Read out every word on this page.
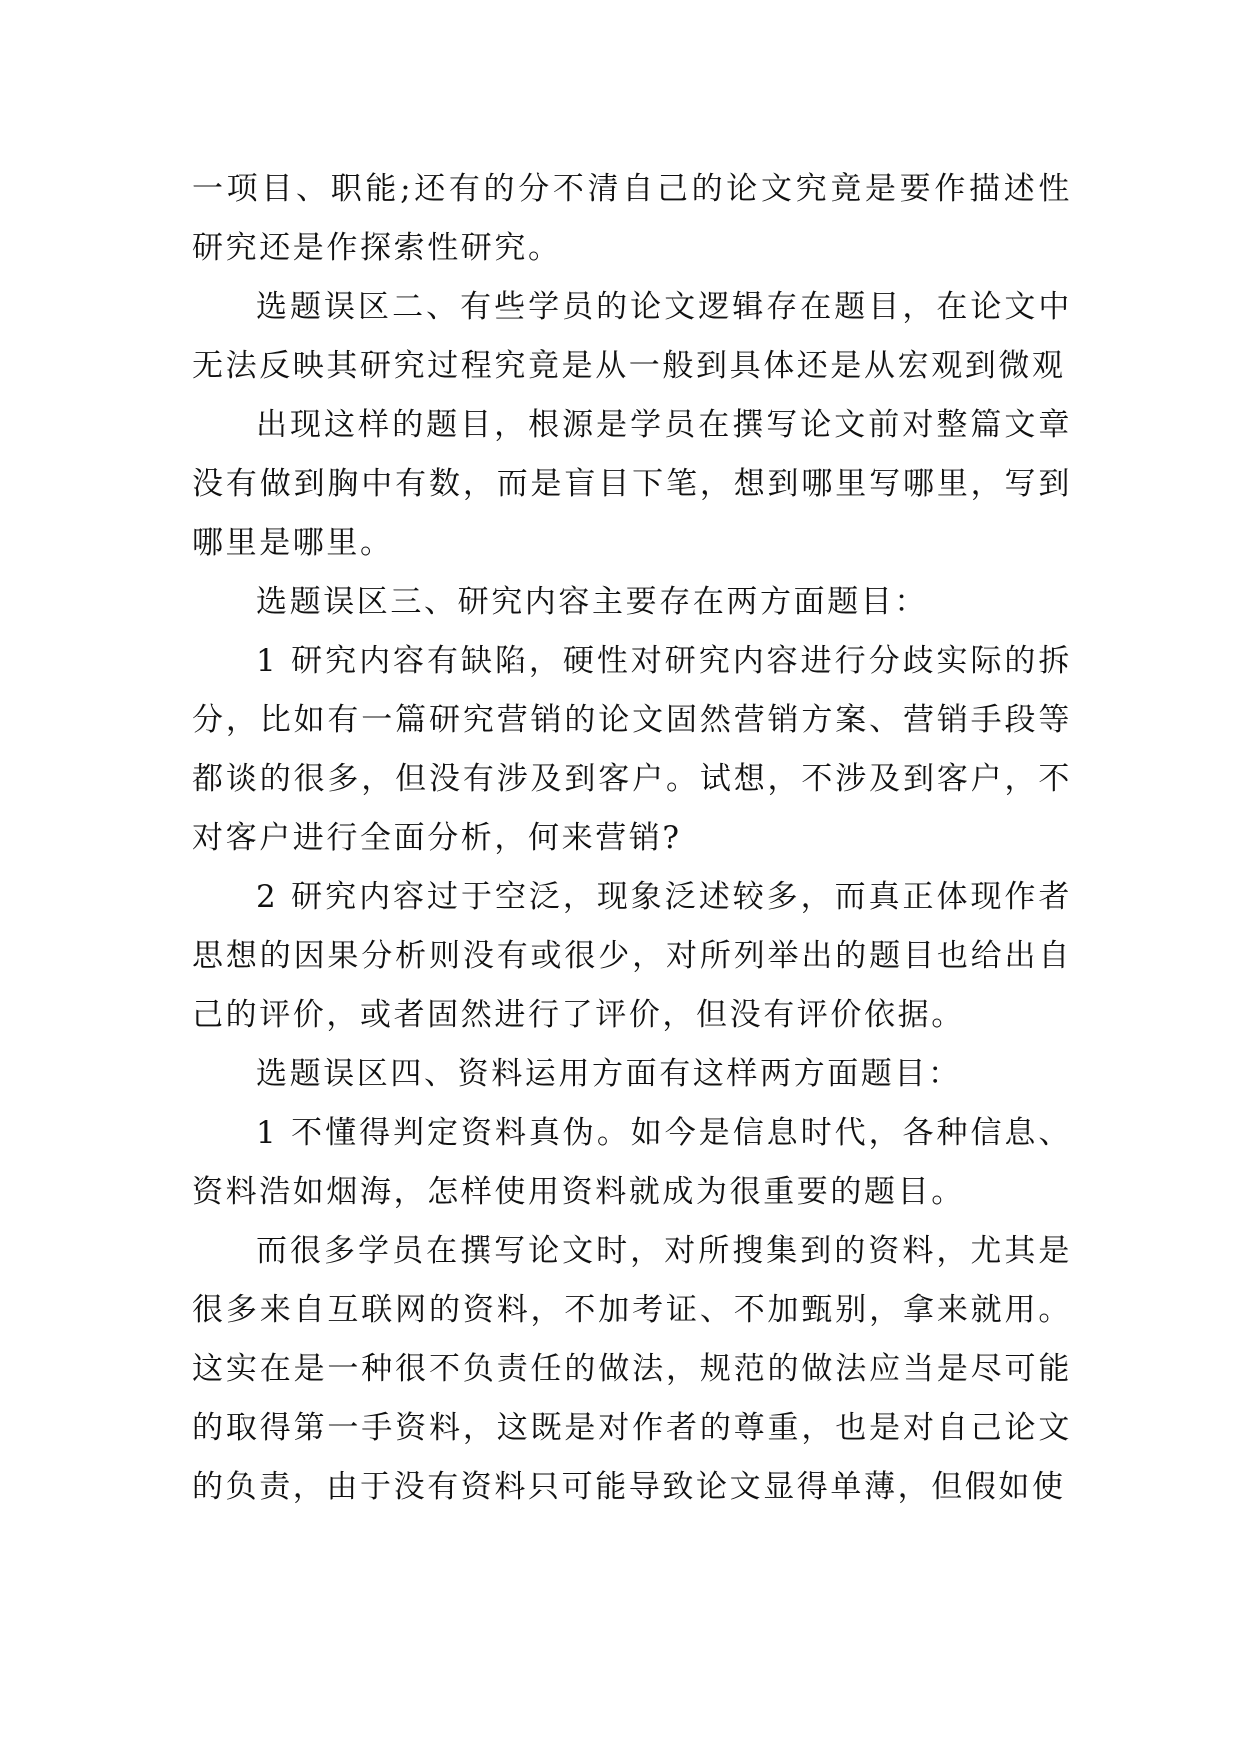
一项目、职能;还有的分不清自己的论文究竟是要作描述性研究还是作探索性研究。

选题误区二、有些学员的论文逻辑存在题目，在论文中无法反映其研究过程究竟是从一般到具体还是从宏观到微观

出现这样的题目，根源是学员在撰写论文前对整篇文章没有做到胸中有数，而是盲目下笔，想到哪里写哪里，写到哪里是哪里。

选题误区三、研究内容主要存在两方面题目：

1 研究内容有缺陷，硬性对研究内容进行分歧实际的拆分，比如有一篇研究营销的论文固然营销方案、营销手段等都谈的很多，但没有涉及到客户。试想，不涉及到客户，不对客户进行全面分析，何来营销?

2 研究内容过于空泛，现象泛述较多，而真正体现作者思想的因果分析则没有或很少，对所列举出的题目也给出自己的评价，或者固然进行了评价，但没有评价依据。

选题误区四、资料运用方面有这样两方面题目：

1 不懂得判定资料真伪。如今是信息时代，各种信息、资料浩如烟海，怎样使用资料就成为很重要的题目。

而很多学员在撰写论文时，对所搜集到的资料，尤其是很多来自互联网的资料，不加考证、不加甄别，拿来就用。这实在是一种很不负责任的做法，规范的做法应当是尽可能的取得第一手资料，这既是对作者的尊重，也是对自己论文的负责，由于没有资料只可能导致论文显得单薄，但假如使
